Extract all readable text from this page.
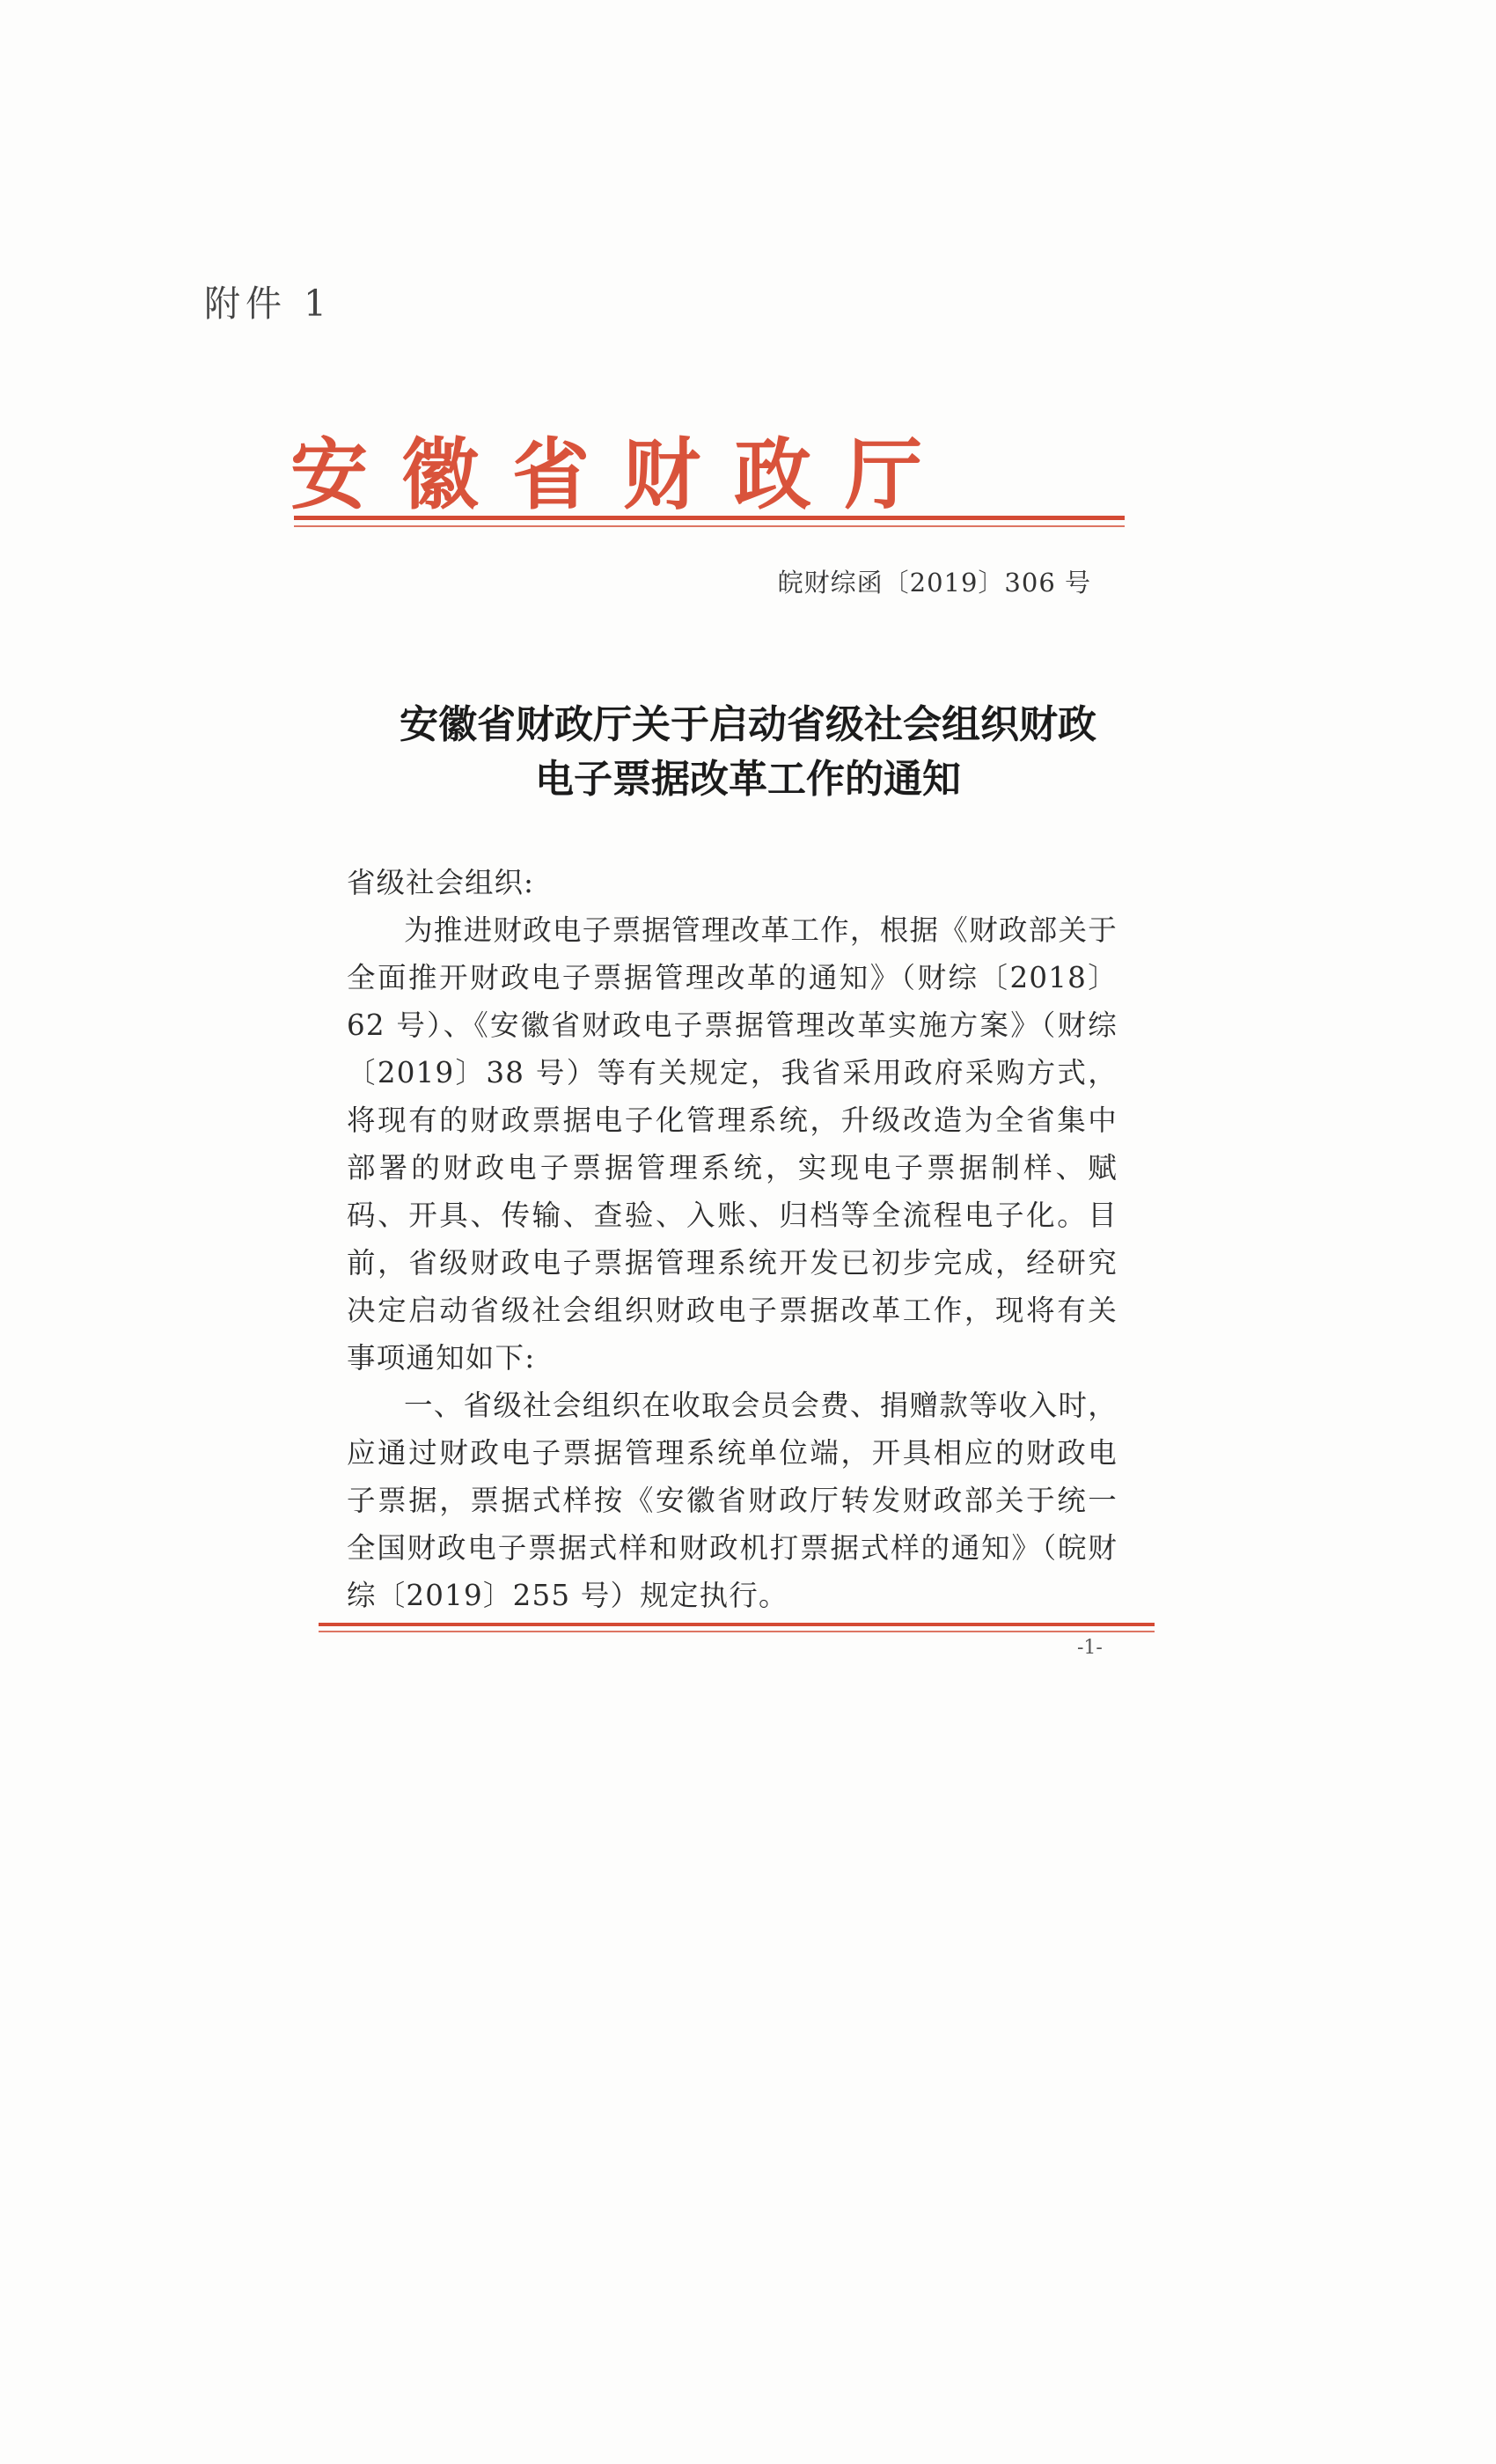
附件 1
安徽省财政厅
皖财综函〔2019〕306 号
安徽省财政厅关于启动省级社会组织财政
电子票据改革工作的通知

省级社会组织:

为推进财政电子票据管理改革工作，根据《财政部关于全面推开财政电子票据管理改革的通知》（财综〔2018〕62 号）、《安徽省财政电子票据管理改革实施方案》（财综〔2019〕38 号）等有关规定，我省采用政府采购方式，将现有的财政票据电子化管理系统，升级改造为全省集中部署的财政电子票据管理系统，实现电子票据制样、赋码、开具、传输、查验、入账、归档等全流程电子化。目前，省级财政电子票据管理系统开发已初步完成，经研究决定启动省级社会组织财政电子票据改革工作，现将有关事项通知如下:

一、省级社会组织在收取会员会费、捐赠款等收入时，应通过财政电子票据管理系统单位端，开具相应的财政电子票据，票据式样按《安徽省财政厅转发财政部关于统一全国财政电子票据式样和财政机打票据式样的通知》（皖财综〔2019〕255 号）规定执行。

-1-
